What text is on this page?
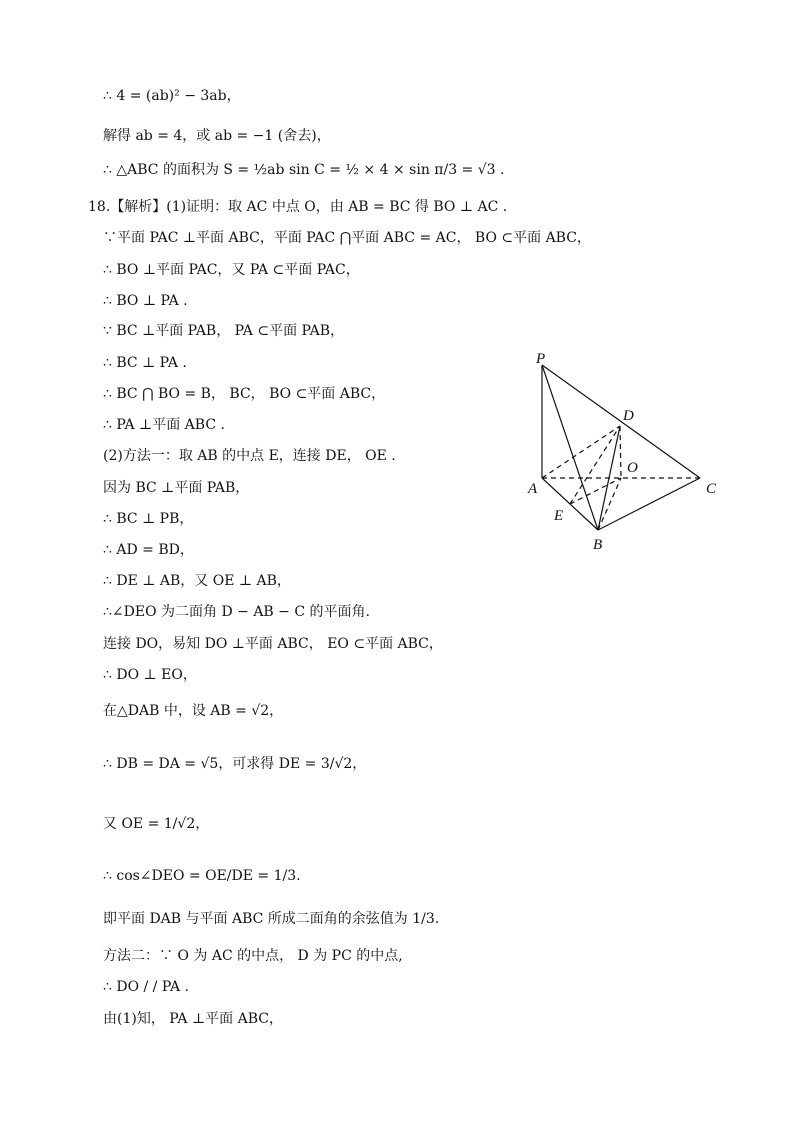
∴ 4 = (ab)² − 3ab，
解得 ab = 4，或 ab = −1 (舍去)，
∴ △ABC 的面积为 S = ½ab sin C = ½ × 4 × sin π/3 = √3 .
18.【解析】(1)证明：取 AC 中点 O，由 AB = BC 得 BO ⊥ AC .
∵平面 PAC ⊥平面 ABC，平面 PAC ⋂平面 ABC = AC， BO ⊂平面 ABC，
∴ BO ⊥平面 PAC，又 PA ⊂平面 PAC，
∴ BO ⊥ PA .
∵ BC ⊥平面 PAB， PA ⊂平面 PAB，
∴ BC ⊥ PA .
∴ BC ⋂ BO = B， BC， BO ⊂平面 ABC，
∴ PA ⊥平面 ABC .
(2)方法一：取 AB 的中点 E，连接 DE， OE .
因为 BC ⊥平面 PAB，
∴ BC ⊥ PB，
∴ AD = BD，
∴ DE ⊥ AB，又 OE ⊥ AB，
∴∠DEO 为二面角 D − AB − C 的平面角.
连接 DO，易知 DO ⊥平面 ABC， EO ⊂平面 ABC，
∴ DO ⊥ EO，
在△DAB 中，设 AB = √2，
∴ DB = DA = √5，可求得 DE = 3/√2，
又 OE = 1/√2，
∴ cos∠DEO = OE/DE = 1/3.
即平面 DAB 与平面 ABC 所成二面角的余弦值为 1/3.
方法二：∵ O 为 AC 的中点， D 为 PC 的中点,
∴ DO / / PA .
由(1)知， PA ⊥平面 ABC，
P
D
O
A	C
E
B
